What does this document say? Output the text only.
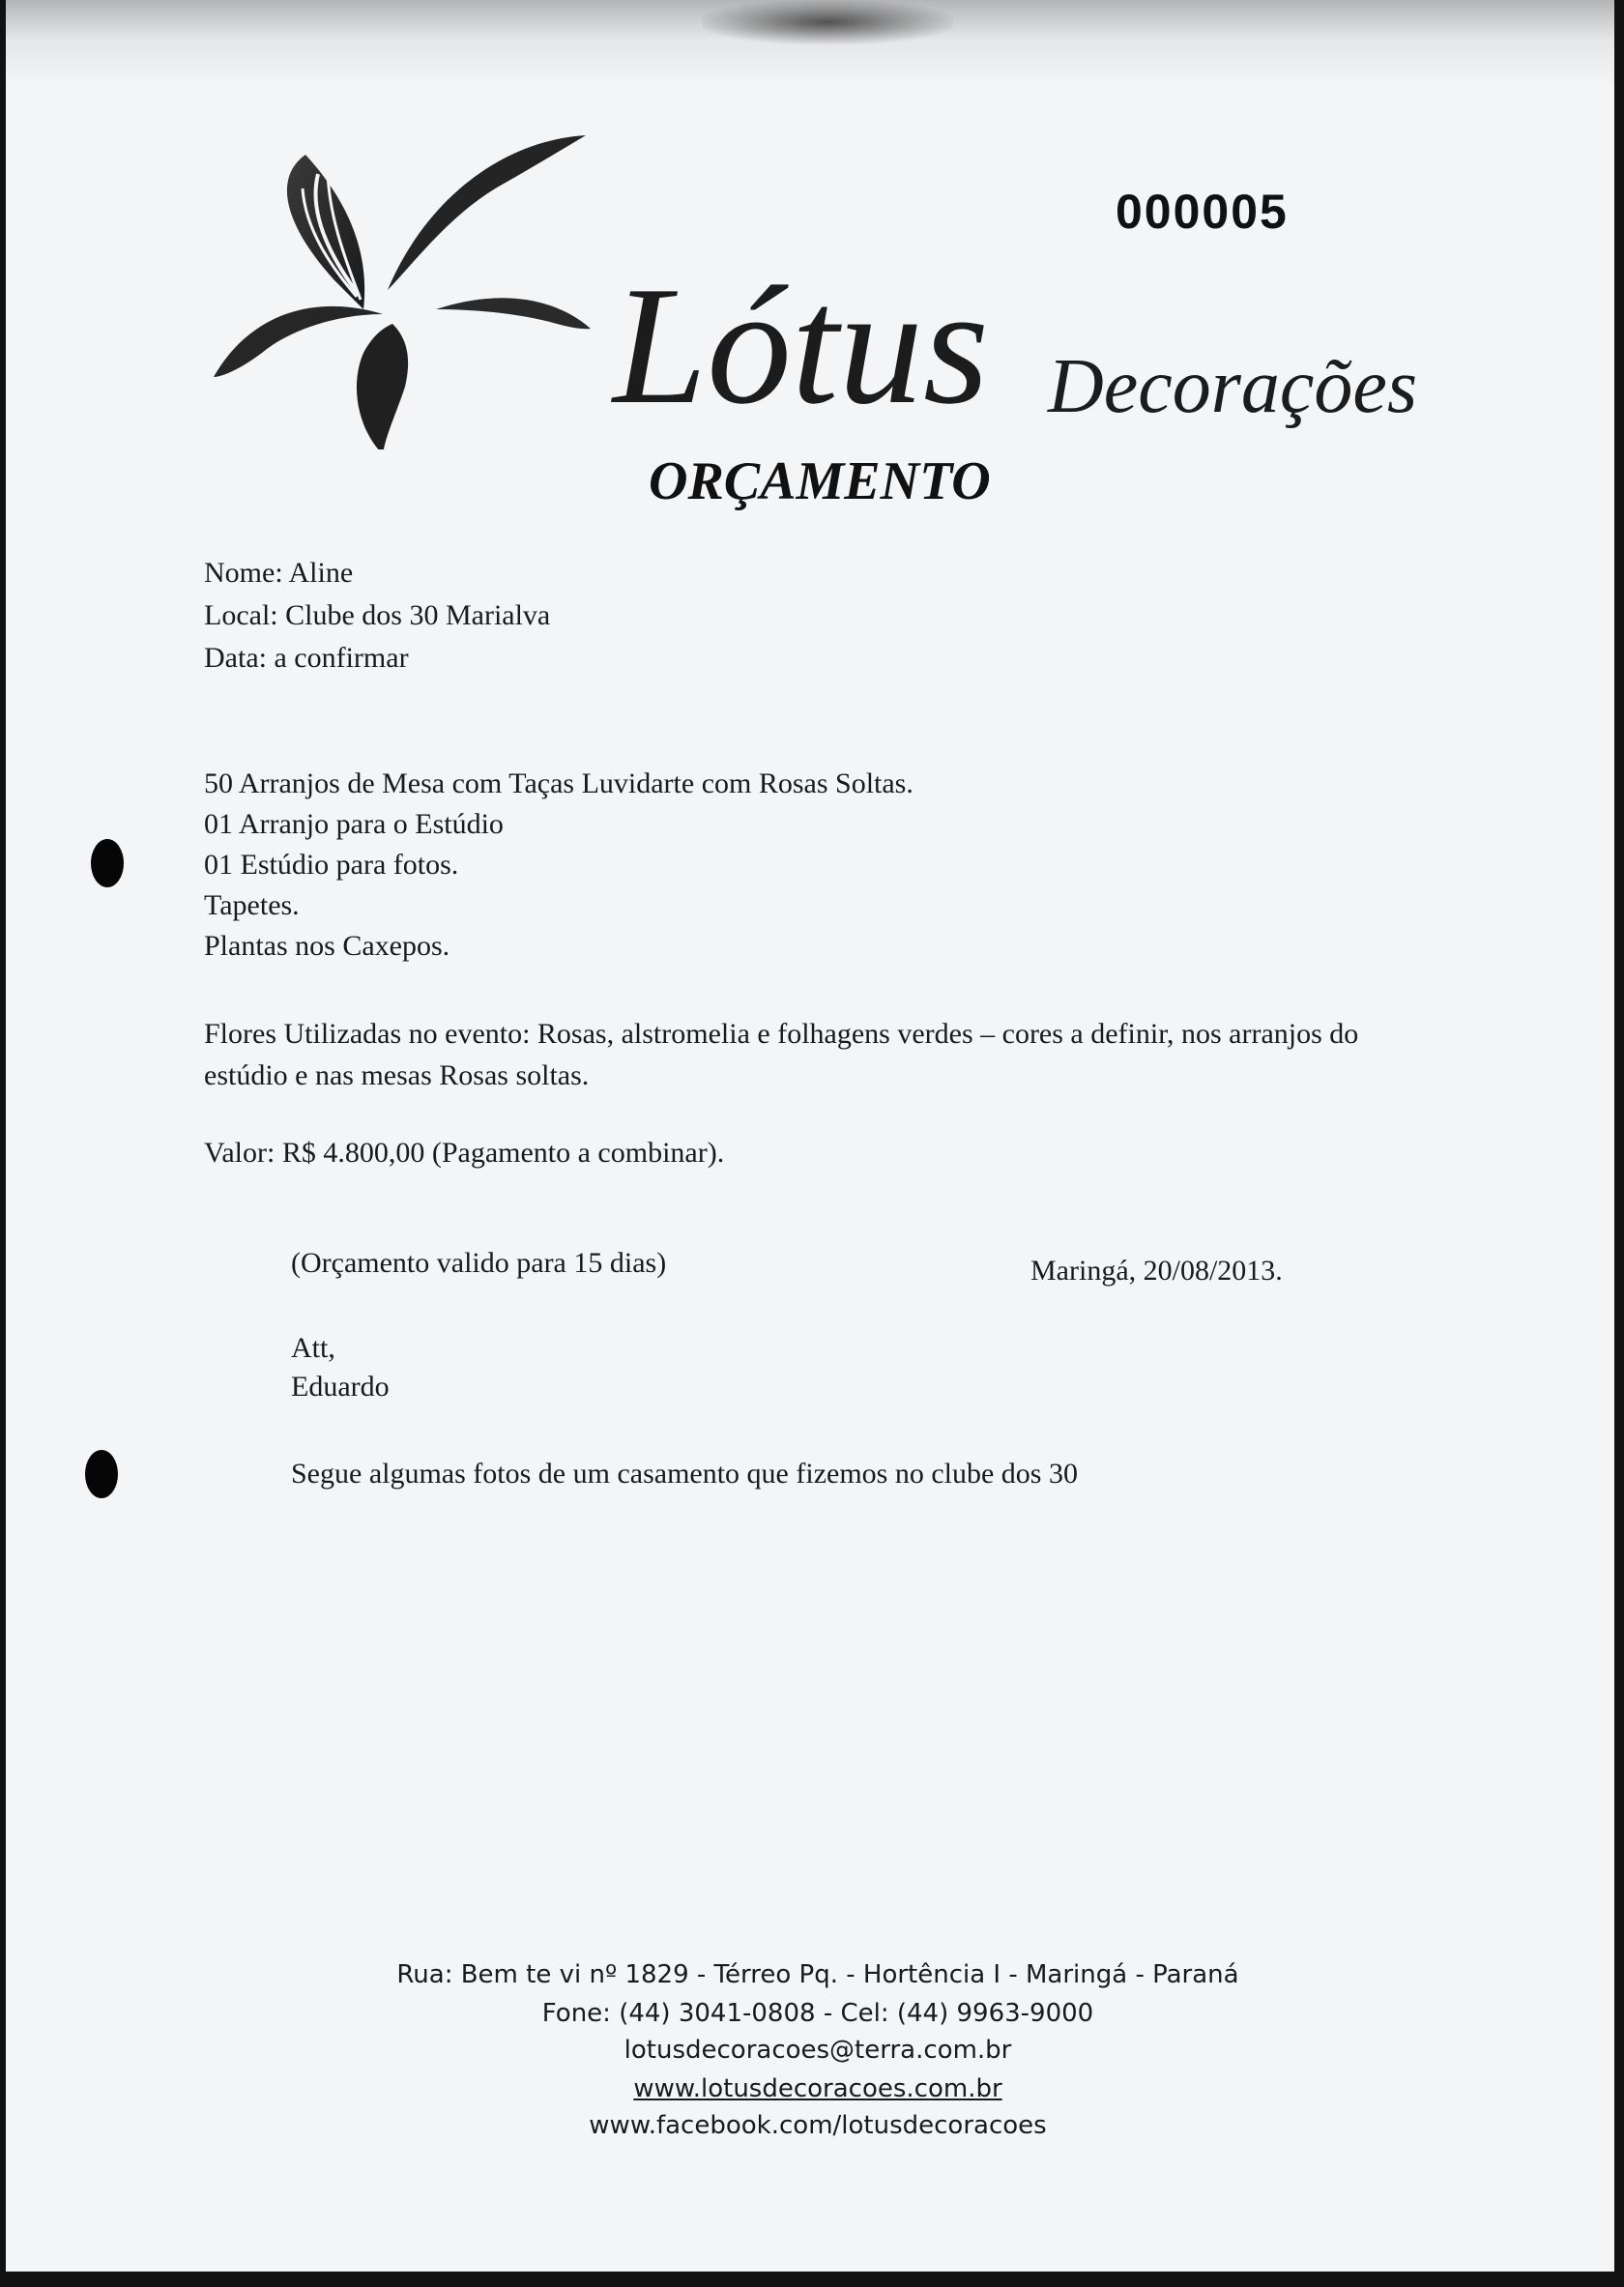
000005
Lótus Decorações
ORÇAMENTO
Nome: Aline
Local: Clube dos 30 Marialva
Data: a confirmar
50 Arranjos de Mesa com Taças Luvidarte com Rosas Soltas.
01 Arranjo para o Estúdio
01 Estúdio para fotos.
Tapetes.
Plantas nos Caxepos.
Flores Utilizadas no evento: Rosas, alstromelia e folhagens verdes – cores a definir, nos arranjos do
estúdio e nas mesas Rosas soltas.
Valor: R$ 4.800,00 (Pagamento a combinar).
(Orçamento valido para 15 dias)	Maringá, 20/08/2013.
Att,
Eduardo
Segue algumas fotos de um casamento que fizemos no clube dos 30
Rua: Bem te vi nº 1829 - Térreo Pq. - Hortência I - Maringá - Paraná
Fone: (44) 3041-0808 - Cel: (44) 9963-9000
lotusdecoracoes@terra.com.br
www.lotusdecoracoes.com.br
www.facebook.com/lotusdecoracoes
